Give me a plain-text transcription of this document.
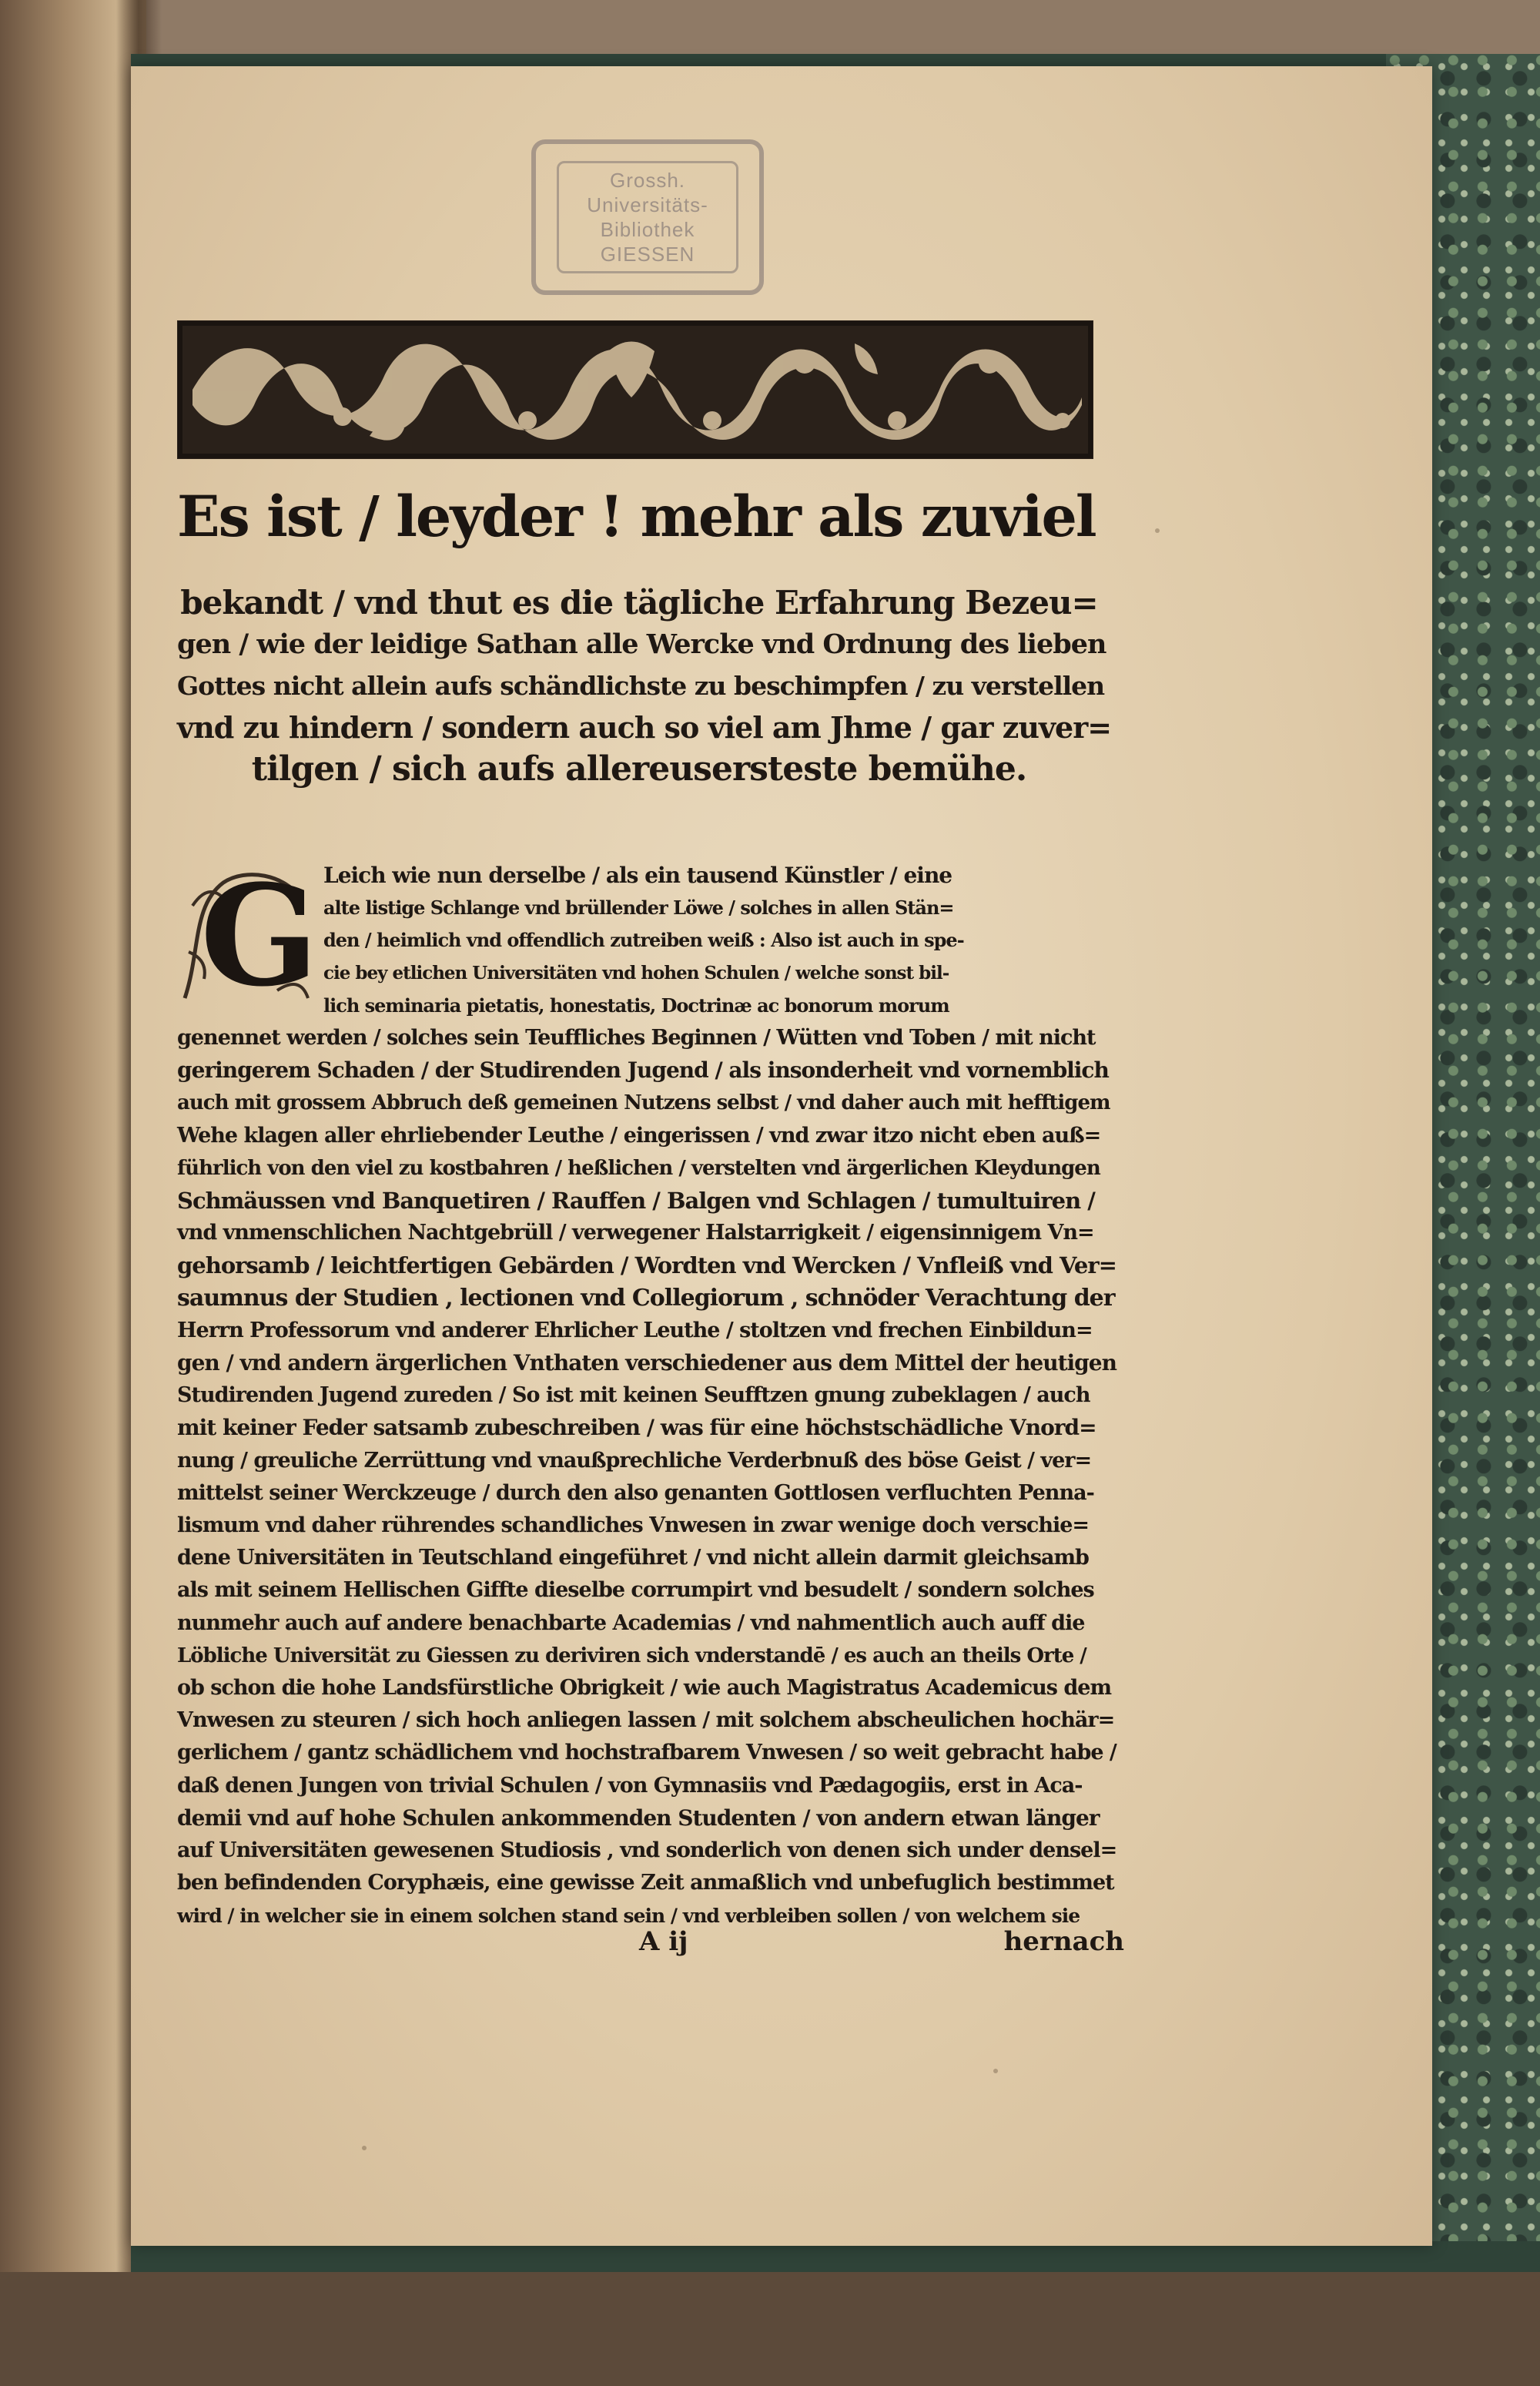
Grossh.
Universitäts-
Bibliothek
GIESSEN
Es ist / leyder ! mehr als zuviel
bekandt / vnd thut es die tägliche Erfahrung Bezeu=
gen / wie der leidige Sathan alle Wercke vnd Ordnung des lieben
Gottes nicht allein aufs schändlichste zu beschimpfen / zu verstellen
vnd zu hindern / sondern auch so viel am Jhme / gar zuver=
tilgen / sich aufs allereusersteste bemühe.
G Leich wie nun derselbe / als ein tausend Künstler / eine
alte listige Schlange vnd brüllender Löwe / solches in allen Stän=
den / heimlich vnd offendlich zutreiben weiß : Also ist auch in spe-
cie bey etlichen Universitäten vnd hohen Schulen / welche sonst bil-
lich seminaria pietatis, honestatis, Doctrinæ ac bonorum morum
genennet werden / solches sein Teuffliches Beginnen / Wütten vnd Toben / mit nicht
geringerem Schaden / der Studirenden Jugend / als insonderheit vnd vornemblich
auch mit grossem Abbruch deß gemeinen Nutzens selbst / vnd daher auch mit hefftigem
Wehe klagen aller ehrliebender Leuthe / eingerissen / vnd zwar itzo nicht eben auß=
führlich von den viel zu kostbahren / heßlichen / verstelten vnd ärgerlichen Kleydungen
Schmäussen vnd Banquetiren / Rauffen / Balgen vnd Schlagen / tumultuiren /
vnd vnmenschlichen Nachtgebrüll / verwegener Halstarrigkeit / eigensinnigem Vn=
gehorsamb / leichtfertigen Gebärden / Wordten vnd Wercken / Vnfleiß vnd Ver=
saumnus der Studien , lectionen vnd Collegiorum , schnöder Verachtung der
Herrn Professorum vnd anderer Ehrlicher Leuthe / stoltzen vnd frechen Einbildun=
gen / vnd andern ärgerlichen Vnthaten verschiedener aus dem Mittel der heutigen
Studirenden Jugend zureden / So ist mit keinen Seufftzen gnung zubeklagen / auch
mit keiner Feder satsamb zubeschreiben / was für eine höchstschädliche Vnord=
nung / greuliche Zerrüttung vnd vnaußprechliche Verderbnuß des böse Geist / ver=
mittelst seiner Werckzeuge / durch den also genanten Gottlosen verfluchten Penna-
lismum vnd daher rührendes schandliches Vnwesen in zwar wenige doch verschie=
dene Universitäten in Teutschland eingeführet / vnd nicht allein darmit gleichsamb
als mit seinem Hellischen Giffte dieselbe corrumpirt vnd besudelt / sondern solches
nunmehr auch auf andere benachbarte Academias / vnd nahmentlich auch auff die
Löbliche Universität zu Giessen zu deriviren sich vnderstandē / es auch an theils Orte /
ob schon die hohe Landsfürstliche Obrigkeit / wie auch Magistratus Academicus dem
Vnwesen zu steuren / sich hoch anliegen lassen / mit solchem abscheulichen hochär=
gerlichem / gantz schädlichem vnd hochstrafbarem Vnwesen / so weit gebracht habe /
daß denen Jungen von trivial Schulen / von Gymnasiis vnd Pædagogiis, erst in Aca-
demii vnd auf hohe Schulen ankommenden Studenten / von andern etwan länger
auf Universitäten gewesenen Studiosis , vnd sonderlich von denen sich under densel=
ben befindenden Coryphæis, eine gewisse Zeit anmaßlich vnd unbefuglich bestimmet
wird / in welcher sie in einem solchen stand sein / vnd verbleiben sollen / von welchem sie
A ij	hernach
